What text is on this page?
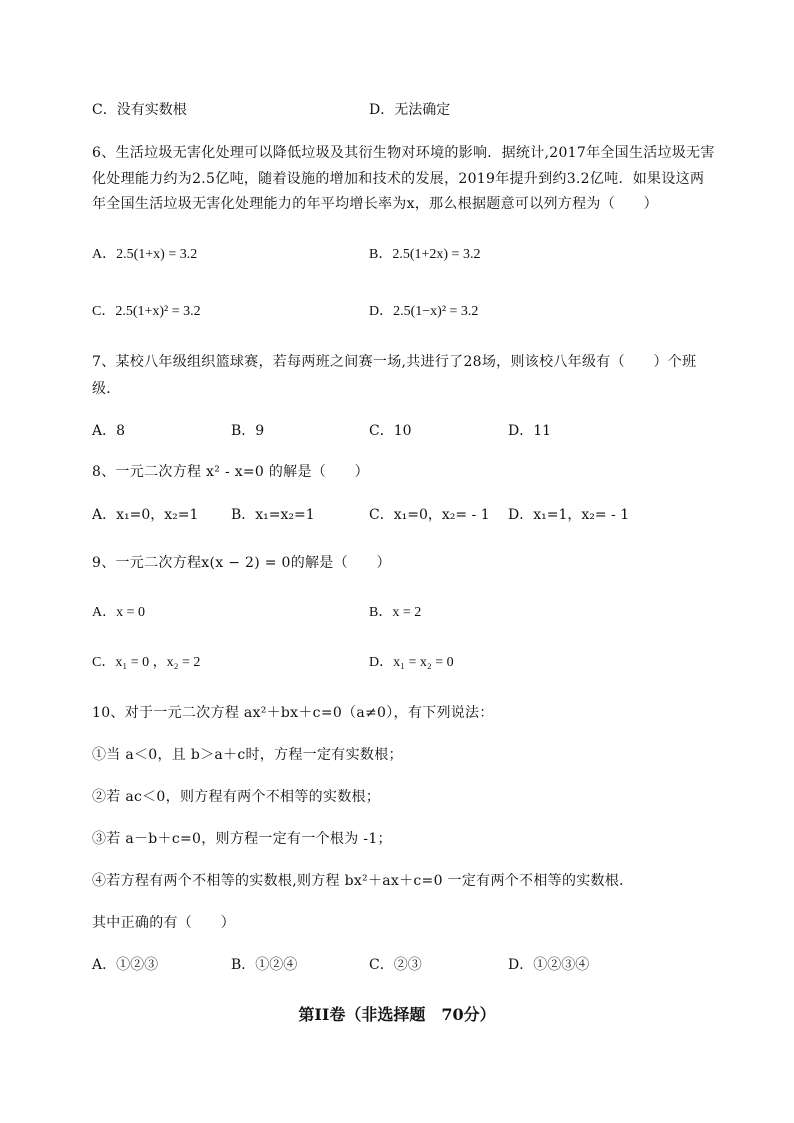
C．没有实数根	D．无法确定
6、生活垃圾无害化处理可以降低垃圾及其衍生物对环境的影响．据统计,2017年全国生活垃圾无害
化处理能力约为2.5亿吨，随着设施的增加和技术的发展，2019年提升到约3.2亿吨．如果设这两
年全国生活垃圾无害化处理能力的年平均增长率为x，那么根据题意可以列方程为（　　）
A．2.5(1+x) = 3.2	B．2.5(1+2x) = 3.2
C．2.5(1+x)² = 3.2	D．2.5(1−x)² = 3.2
7、某校八年级组织篮球赛，若每两班之间赛一场,共进行了28场，则该校八年级有（　　）个班
级．
A．8	B．9	C．10	D．11
8、一元二次方程 x² - x=0 的解是（　　）
A．x₁=0，x₂=1 B．x₁=x₂=1	C．x₁=0，x₂= - 1 D．x₁=1，x₂= - 1
9、一元二次方程x(x − 2) = 0的解是（　　）
A．x = 0	B．x = 2
C．x₁ = 0 ，x₂ = 2	D．x₁ = x₂ = 0
10、对于一元二次方程 ax²＋bx＋c=0（a≠0），有下列说法：
①当 a＜0，且 b＞a＋c时，方程一定有实数根；
②若 ac＜0，则方程有两个不相等的实数根；
③若 a－b＋c=0，则方程一定有一个根为 -1；
④若方程有两个不相等的实数根,则方程 bx²＋ax＋c=0 一定有两个不相等的实数根．
其中正确的有（　　）
A．①②③	B．①②④	C．②③	D．①②③④
第II卷（非选择题　70分）
